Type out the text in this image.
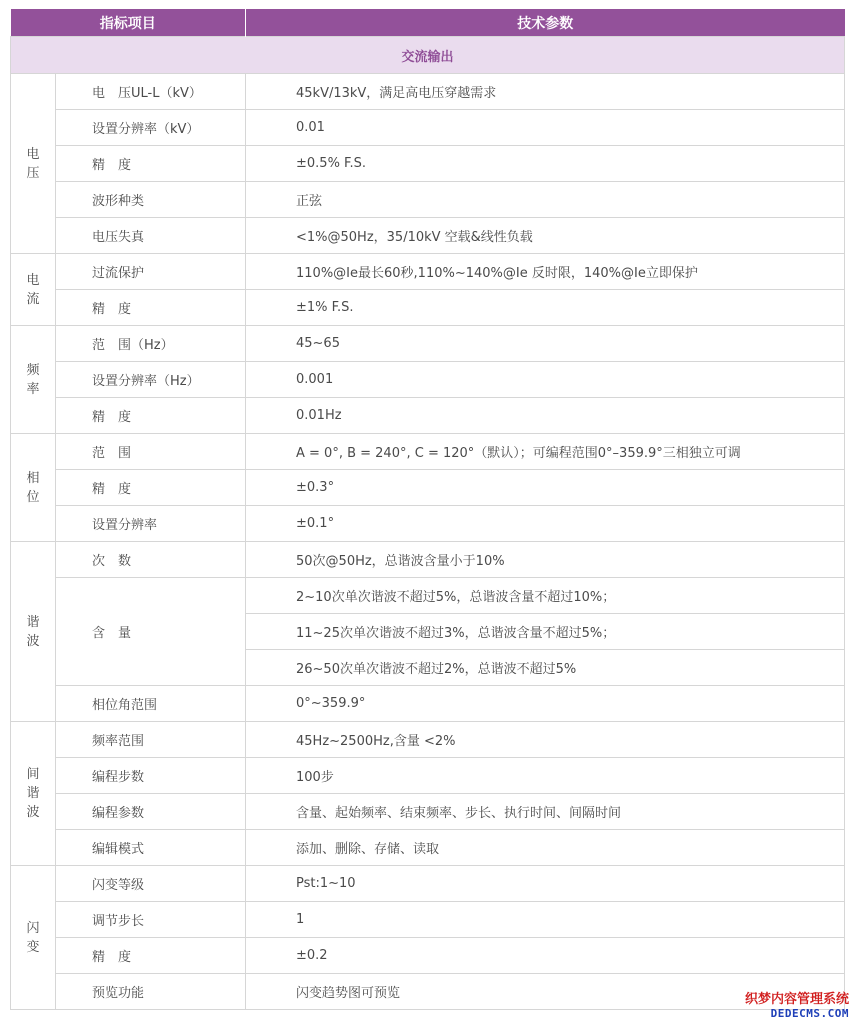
指标项目		技术参数
交流输出		

电
压	电　压UL-L（kV）	45kV/13kV，满足高电压穿越需求
	设置分辨率（kV）	0.01
	精　度	±0.5% F.S.
	波形种类	正弦
	电压失真	<1%@50Hz，35/10kV 空载&线性负载

电
流	过流保护	110%@Ie最长60秒,110%~140%@Ie 反时限，140%@Ie立即保护
	精　度	±1% F.S.

频
率	范　围（Hz）	45~65
	设置分辨率（Hz）	0.001
	精　度	0.01Hz

相
位	范　围	A = 0°, B = 240°, C = 120°（默认）；可编程范围0°–359.9°三相独立可调
	精　度	±0.3°
	设置分辨率	±0.1°

谐
波	次　数	50次@50Hz，总谐波含量小于10%
	含　量	2~10次单次谐波不超过5%，总谐波含量不超过10%；
		11~25次单次谐波不超过3%，总谐波含量不超过5%；
		26~50次单次谐波不超过2%，总谐波不超过5%
	相位角范围	0°~359.9°

间
谐
波	频率范围	45Hz~2500Hz,含量 <2%
	编程步数	100步
	编程参数	含量、起始频率、结束频率、步长、执行时间、间隔时间
	编辑模式	添加、删除、存储、读取

闪
变	闪变等级	Pst:1~10
	调节步长	1
	精　度	±0.2
	预览功能	闪变趋势图可预览	织梦内容管理系统
DEDECMS.COM
